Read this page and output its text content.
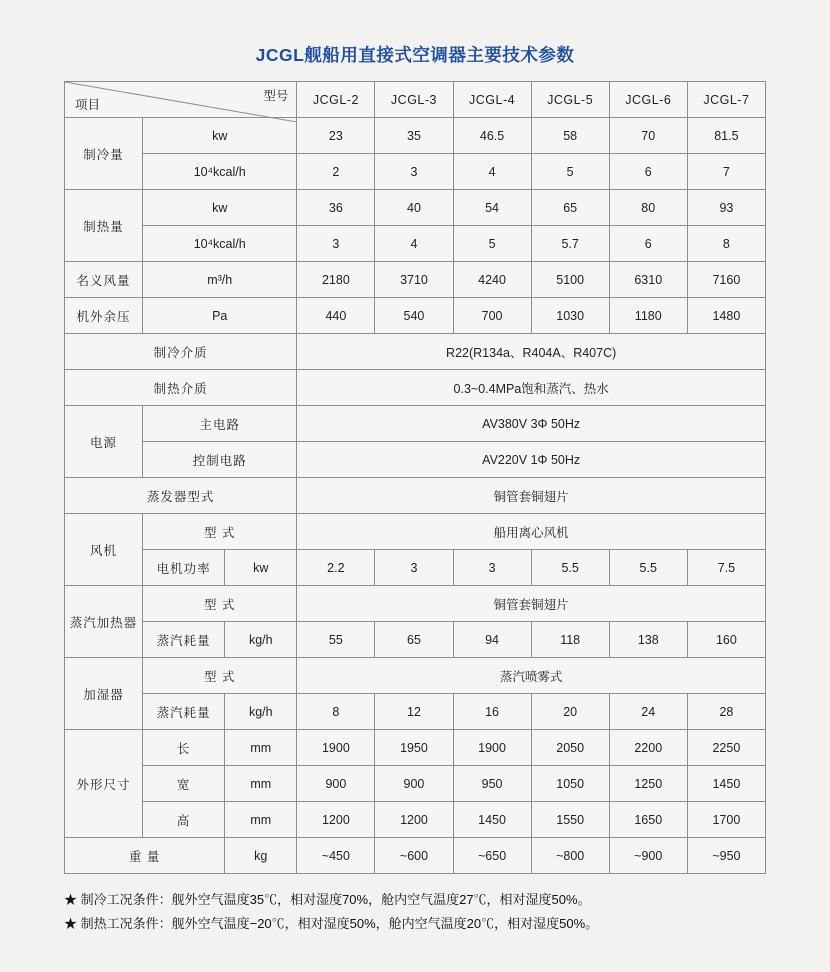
JCGL舰船用直接式空调器主要技术参数
项目
型号			JCGL-2	JCGL-3	JCGL-4	JCGL-5	JCGL-6	JCGL-7
制冷量	kw		23	35	46.5	58	70	81.5
	10⁴kcal/h		2	3	4	5	6	7
制热量	kw		36	40	54	65	80	93
	10⁴kcal/h		3	4	5	5.7	6	8
名义风量	m³/h		2180	3710	4240	5100	6310	7160
机外余压	Pa		440	540	700	1030	1180	1480
制冷介质			R22(R134a、R404A、R407C)					
制热介质			0.3~0.4MPa饱和蒸汽、热水					
电源	主电路		AV380V 3Φ 50Hz					
	控制电路		AV220V 1Φ 50Hz					
蒸发器型式			铜管套铜翅片					
风机	型 式		船用离心风机					
	电机功率	kw	2.2	3	3	5.5	5.5	7.5
蒸汽加热器	型 式		铜管套铜翅片					
	蒸汽耗量	kg/h	55	65	94	118	138	160
加湿器	型 式		蒸汽喷雾式					
	蒸汽耗量	kg/h	8	12	16	20	24	28
外形尺寸	长	mm	1900	1950	1900	2050	2200	2250
	宽	mm	900	900	950	1050	1250	1450
	高	mm	1200	1200	1450	1550	1650	1700
重 量		kg	~450	~600	~650	~800	~900	~950
★ 制冷工况条件：舰外空气温度35℃，相对湿度70%，舱内空气温度27℃，相对湿度50%。
★ 制热工况条件：舰外空气温度−20℃，相对湿度50%，舱内空气温度20℃，相对湿度50%。
